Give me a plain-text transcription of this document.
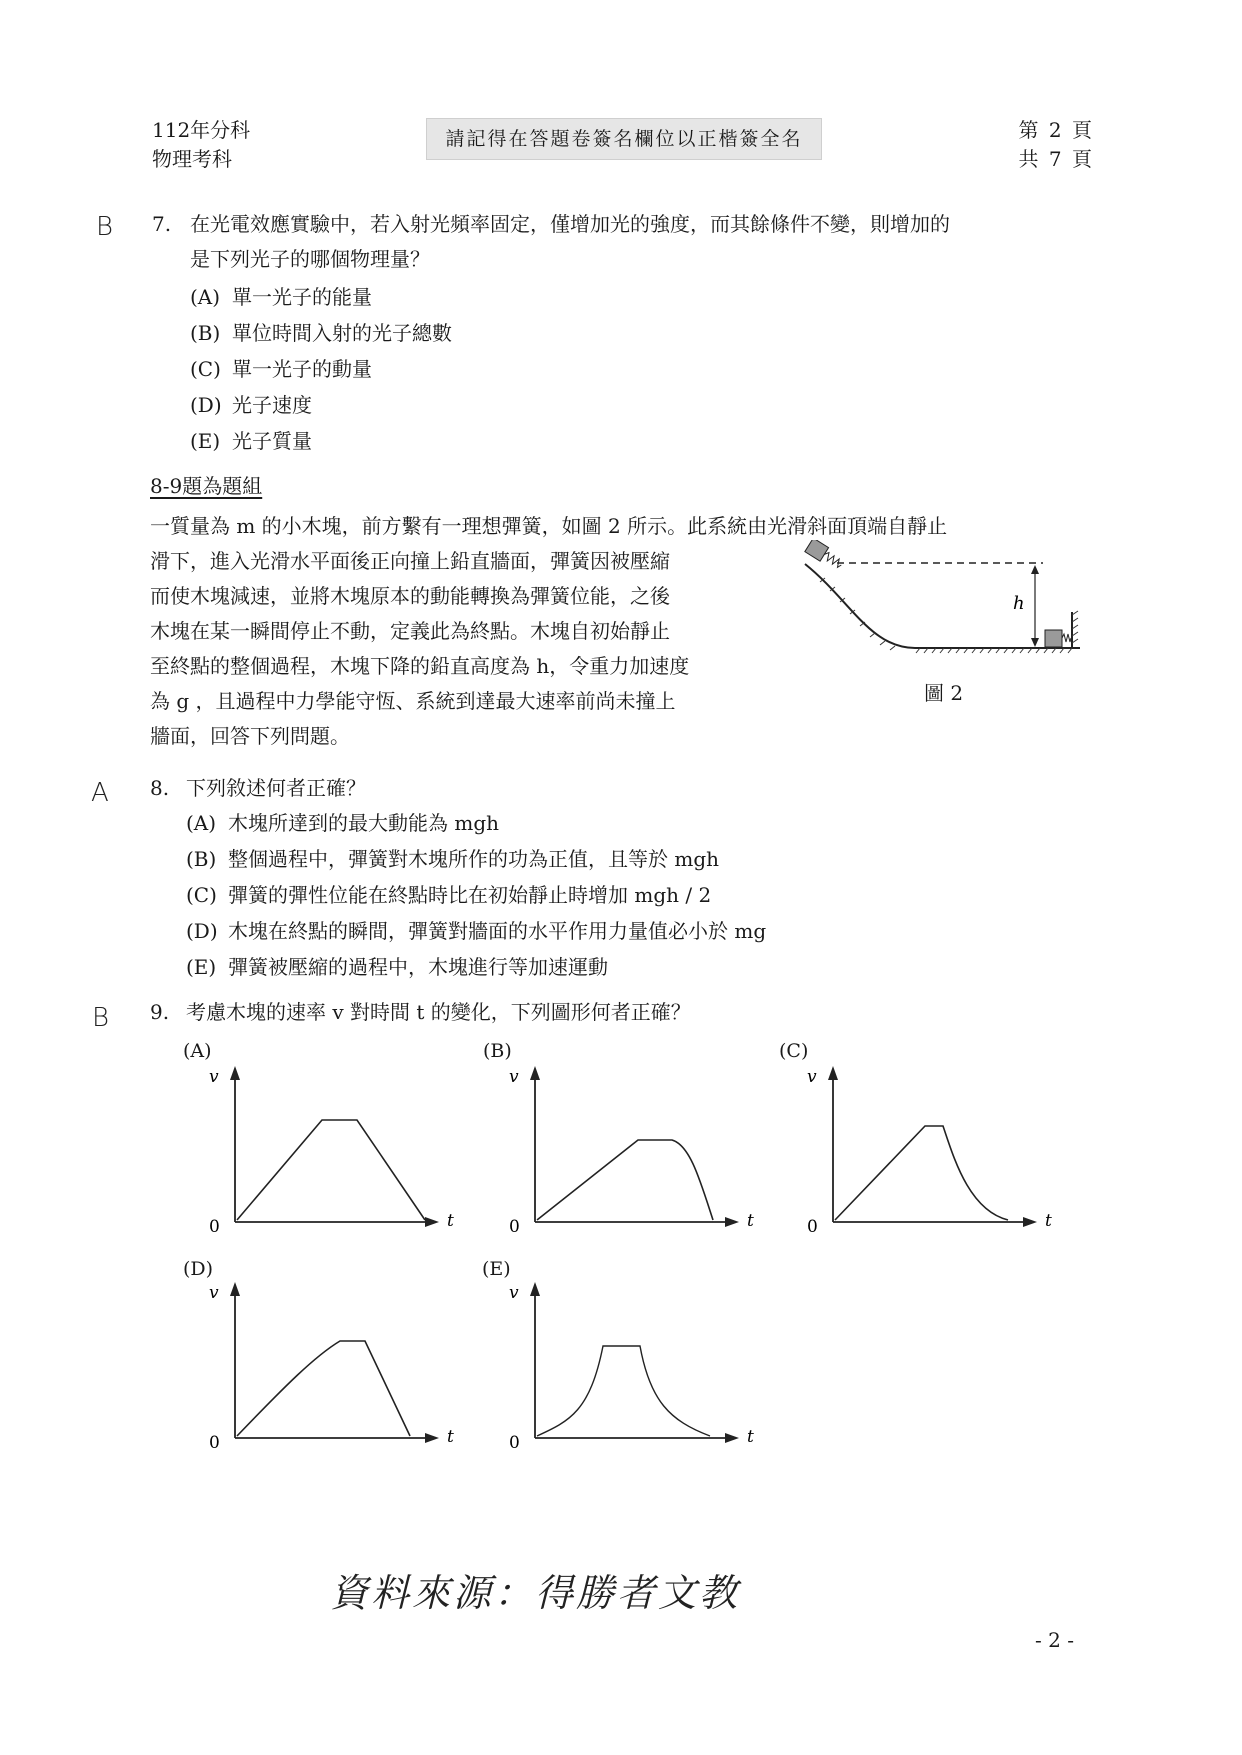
112年分科
物理考科
請記得在答題卷簽名欄位以正楷簽全名	第 2 頁
共 7 頁
B 7. 在光電效應實驗中，若入射光頻率固定，僅增加光的強度，而其餘條件不變，則增加的
是下列光子的哪個物理量？
(A) 單一光子的能量
(B) 單位時間入射的光子總數
(C) 單一光子的動量
(D) 光子速度
(E) 光子質量
8-9題為題組
一質量為 m 的小木塊，前方繫有一理想彈簧，如圖 2 所示。此系統由光滑斜面頂端自靜止
滑下，進入光滑水平面後正向撞上鉛直牆面，彈簧因被壓縮
而使木塊減速，並將木塊原本的動能轉換為彈簧位能，之後
木塊在某一瞬間停止不動，定義此為終點。木塊自初始靜止
至終點的整個過程，木塊下降的鉛直高度為 h，令重力加速度
為 g ，且過程中力學能守恆、系統到達最大速率前尚未撞上
牆面，回答下列問題。
h
圖 2
A 8. 下列敘述何者正確？
(A) 木塊所達到的最大動能為 mgh
(B) 整個過程中，彈簧對木塊所作的功為正值，且等於 mgh
(C) 彈簧的彈性位能在終點時比在初始靜止時增加 mgh / 2
(D) 木塊在終點的瞬間，彈簧對牆面的水平作用力量值必小於 mg
(E) 彈簧被壓縮的過程中，木塊進行等加速運動
B 9. 考慮木塊的速率 v 對時間 t 的變化，下列圖形何者正確？
(A)
v
t
0
(B)
v
t
0
(C)
v
t
0
(D)
v
t
0
(E)
v
t
0
資料來源：得勝者文教
- 2 -
